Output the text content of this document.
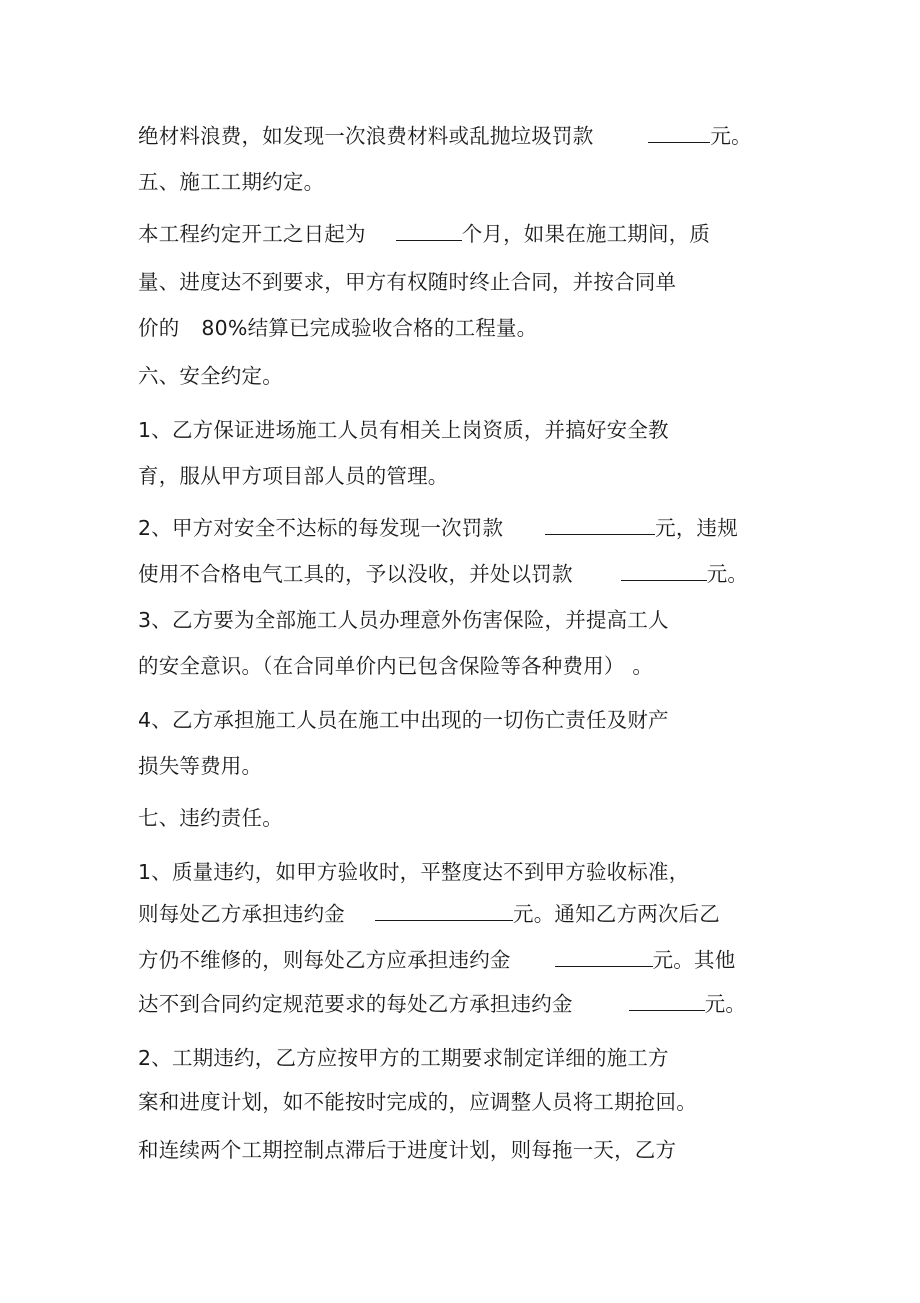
绝材料浪费，如发现一次浪费材料或乱抛垃圾罚款	元。
五、施工工期约定。
本工程约定开工之日起为	个月，如果在施工期间，质
量、进度达不到要求，甲方有权随时终止合同，并按合同单
价的 80%结算已完成验收合格的工程量。
六、安全约定。
1、乙方保证进场施工人员有相关上岗资质，并搞好安全教
育，服从甲方项目部人员的管理。
2、甲方对安全不达标的每发现一次罚款	元，违规
使用不合格电气工具的，予以没收，并处以罚款	元。
3、乙方要为全部施工人员办理意外伤害保险，并提高工人
的安全意识。（在合同单价内已包含保险等各种费用） 。
4、乙方承担施工人员在施工中出现的一切伤亡责任及财产
损失等费用。
七、违约责任。
1、质量违约，如甲方验收时，平整度达不到甲方验收标准，
则每处乙方承担违约金	元。通知乙方两次后乙
方仍不维修的，则每处乙方应承担违约金	元。其他
达不到合同约定规范要求的每处乙方承担违约金	元。
2、工期违约，乙方应按甲方的工期要求制定详细的施工方
案和进度计划，如不能按时完成的，应调整人员将工期抢回。
和连续两个工期控制点滞后于进度计划，则每拖一天，乙方
